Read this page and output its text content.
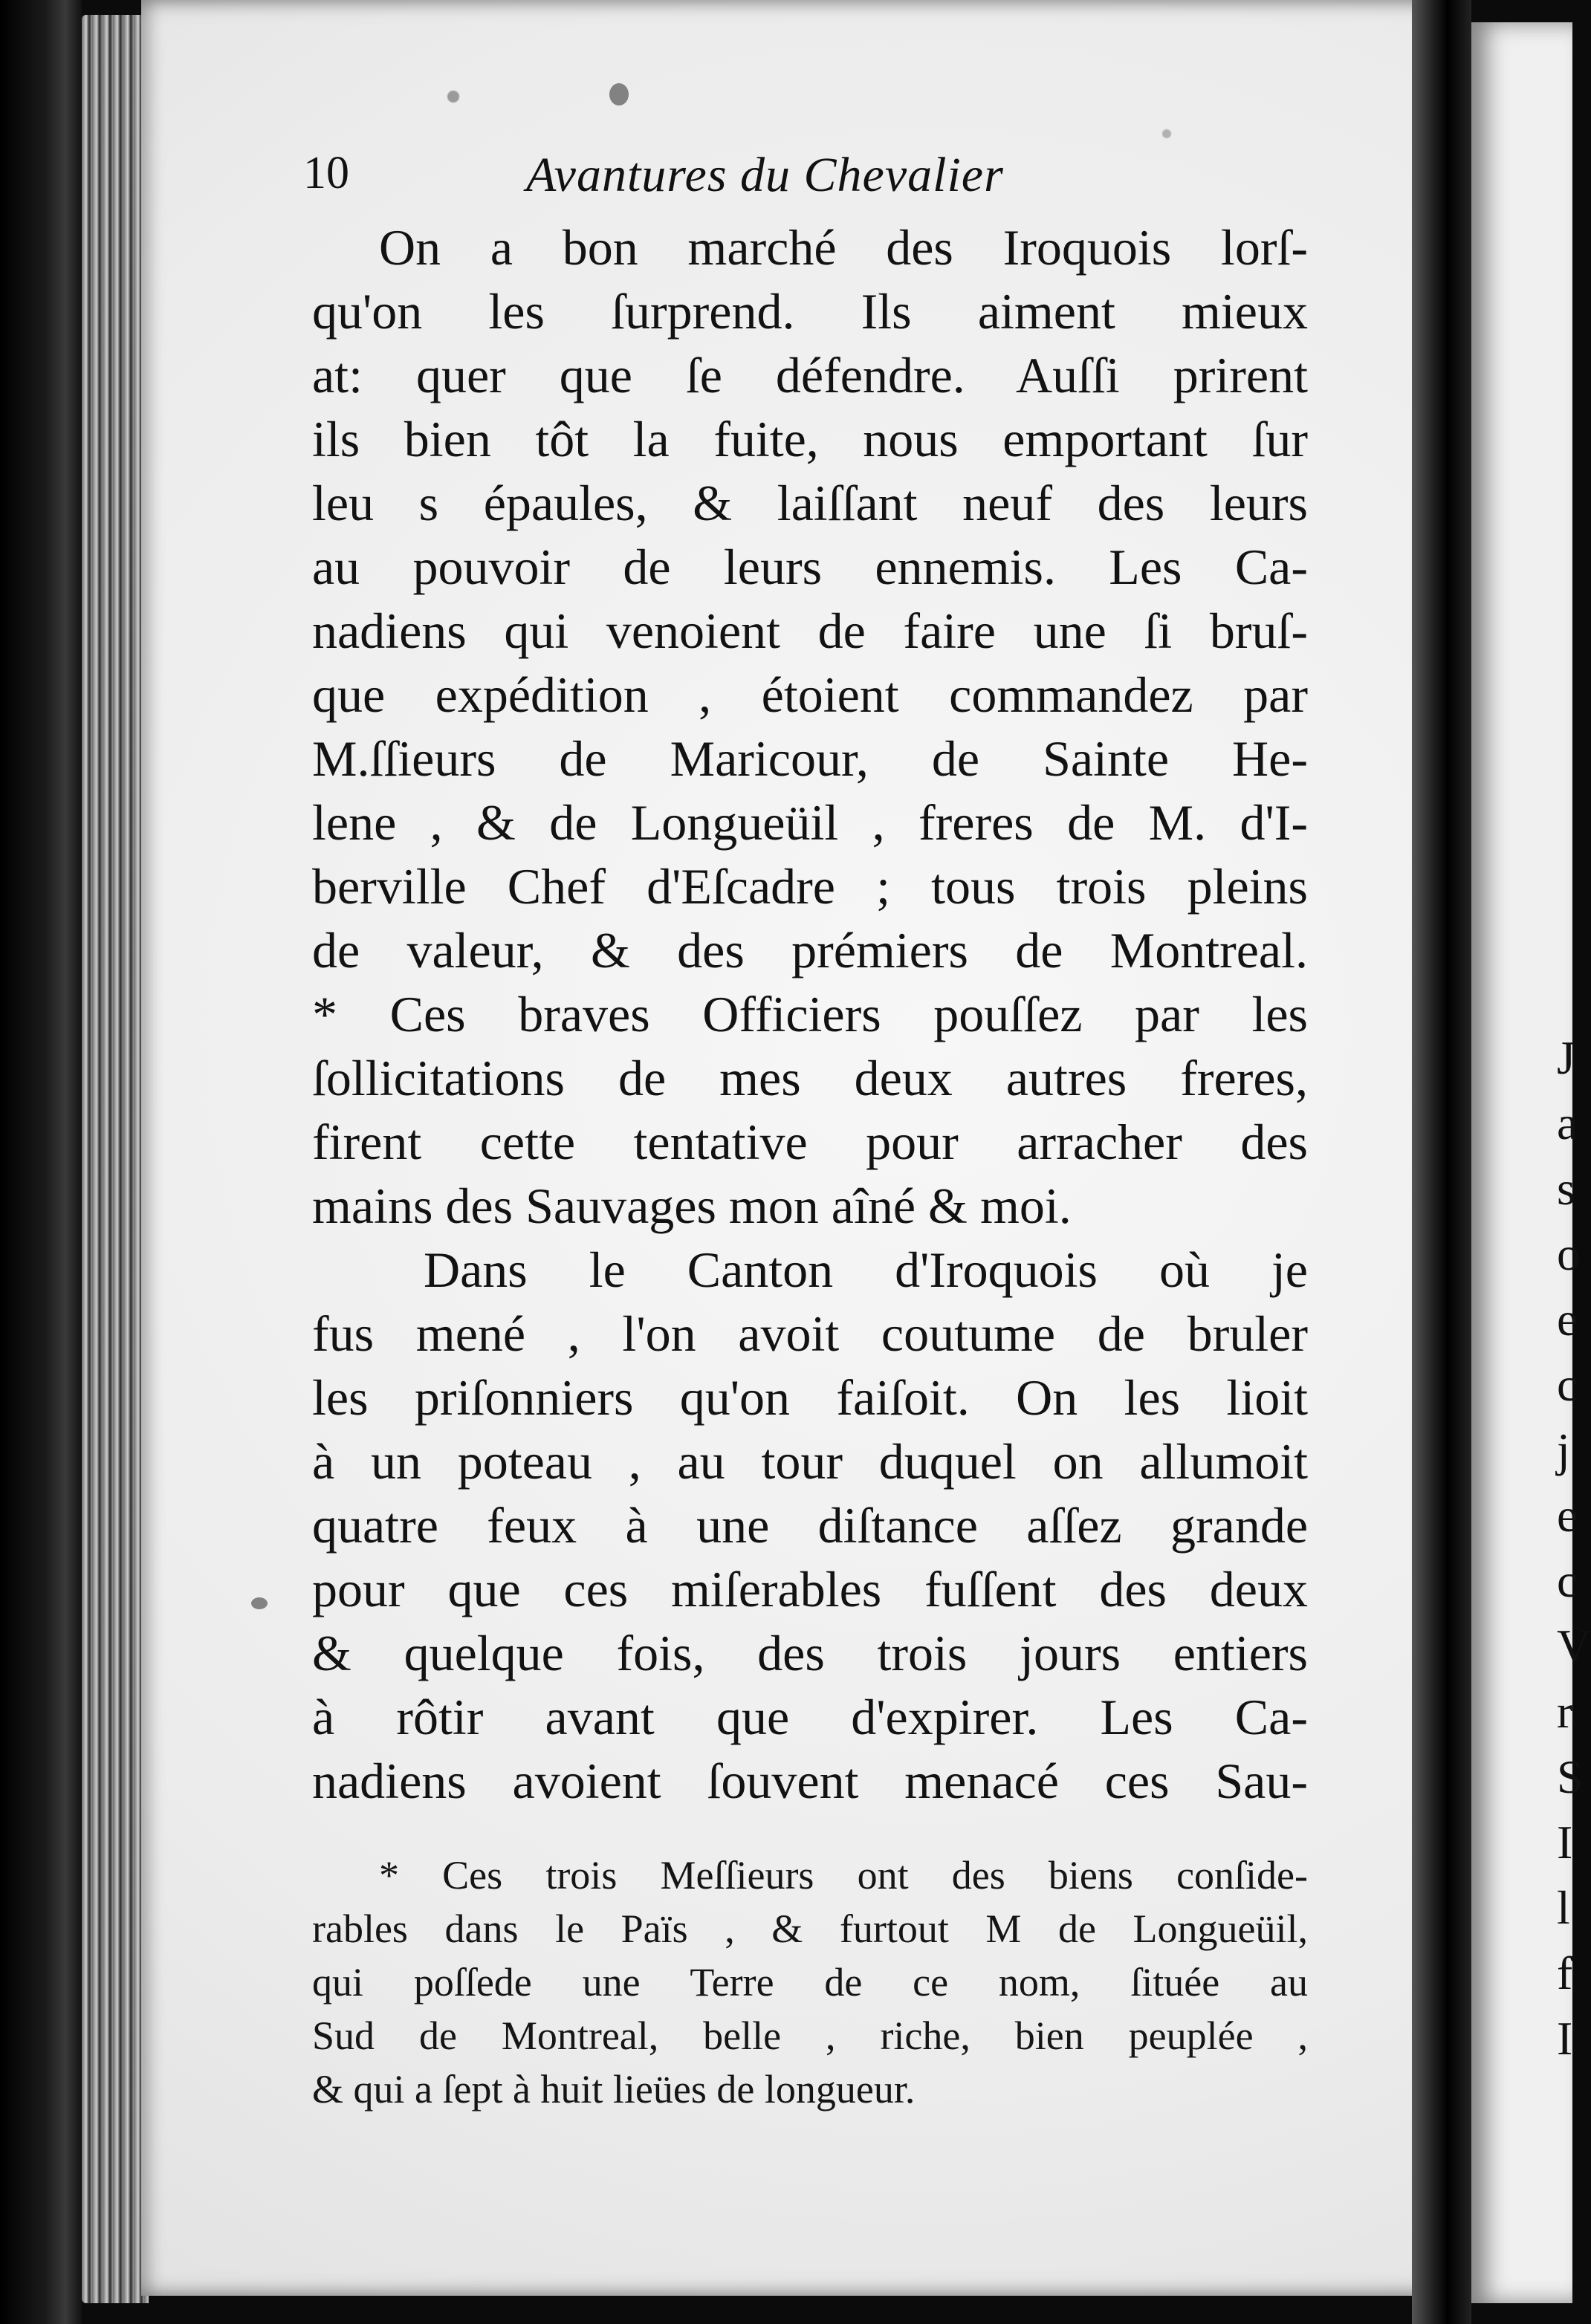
J
a
s
o
e
c
j
e
c
V
r
S
I
l
f
I
10	Avantures du Chevalier
On a bon marché des Iroquois lorſ-
qu'on les ſurprend. Ils aiment mieux
at: quer que ſe défendre. Auſſi prirent
ils bien tôt la fuite, nous emportant ſur
leu s épaules, & laiſſant neuf des leurs
au pouvoir de leurs ennemis. Les Ca-
nadiens qui venoient de faire une ſi bruſ-
que expédition , étoient commandez par
M.ſſieurs de Maricour, de Sainte He-
lene , & de Longueüil , freres de M. d'I-
berville Chef d'Eſcadre ; tous trois pleins
de valeur, & des prémiers de Montreal.
* Ces braves Officiers pouſſez par les
ſollicitations de mes deux autres freres,
firent cette tentative pour arracher des
mains des Sauvages mon aîné & moi.
Dans le Canton d'Iroquois où je
fus mené , l'on avoit coutume de bruler
les priſonniers qu'on faiſoit. On les lioit
à un poteau , au tour duquel on allumoit
quatre feux à une diſtance aſſez grande
pour que ces miſerables fuſſent des deux
& quelque fois, des trois jours entiers
à rôtir avant que d'expirer. Les Ca-
nadiens avoient ſouvent menacé ces Sau-
* Ces trois Meſſieurs ont des biens conſide-
rables dans le Païs , & furtout M de Longueüil,
qui poſſede une Terre de ce nom, ſituée au
Sud de Montreal, belle , riche, bien peuplée ,
& qui a ſept à huit lieües de longueur.
